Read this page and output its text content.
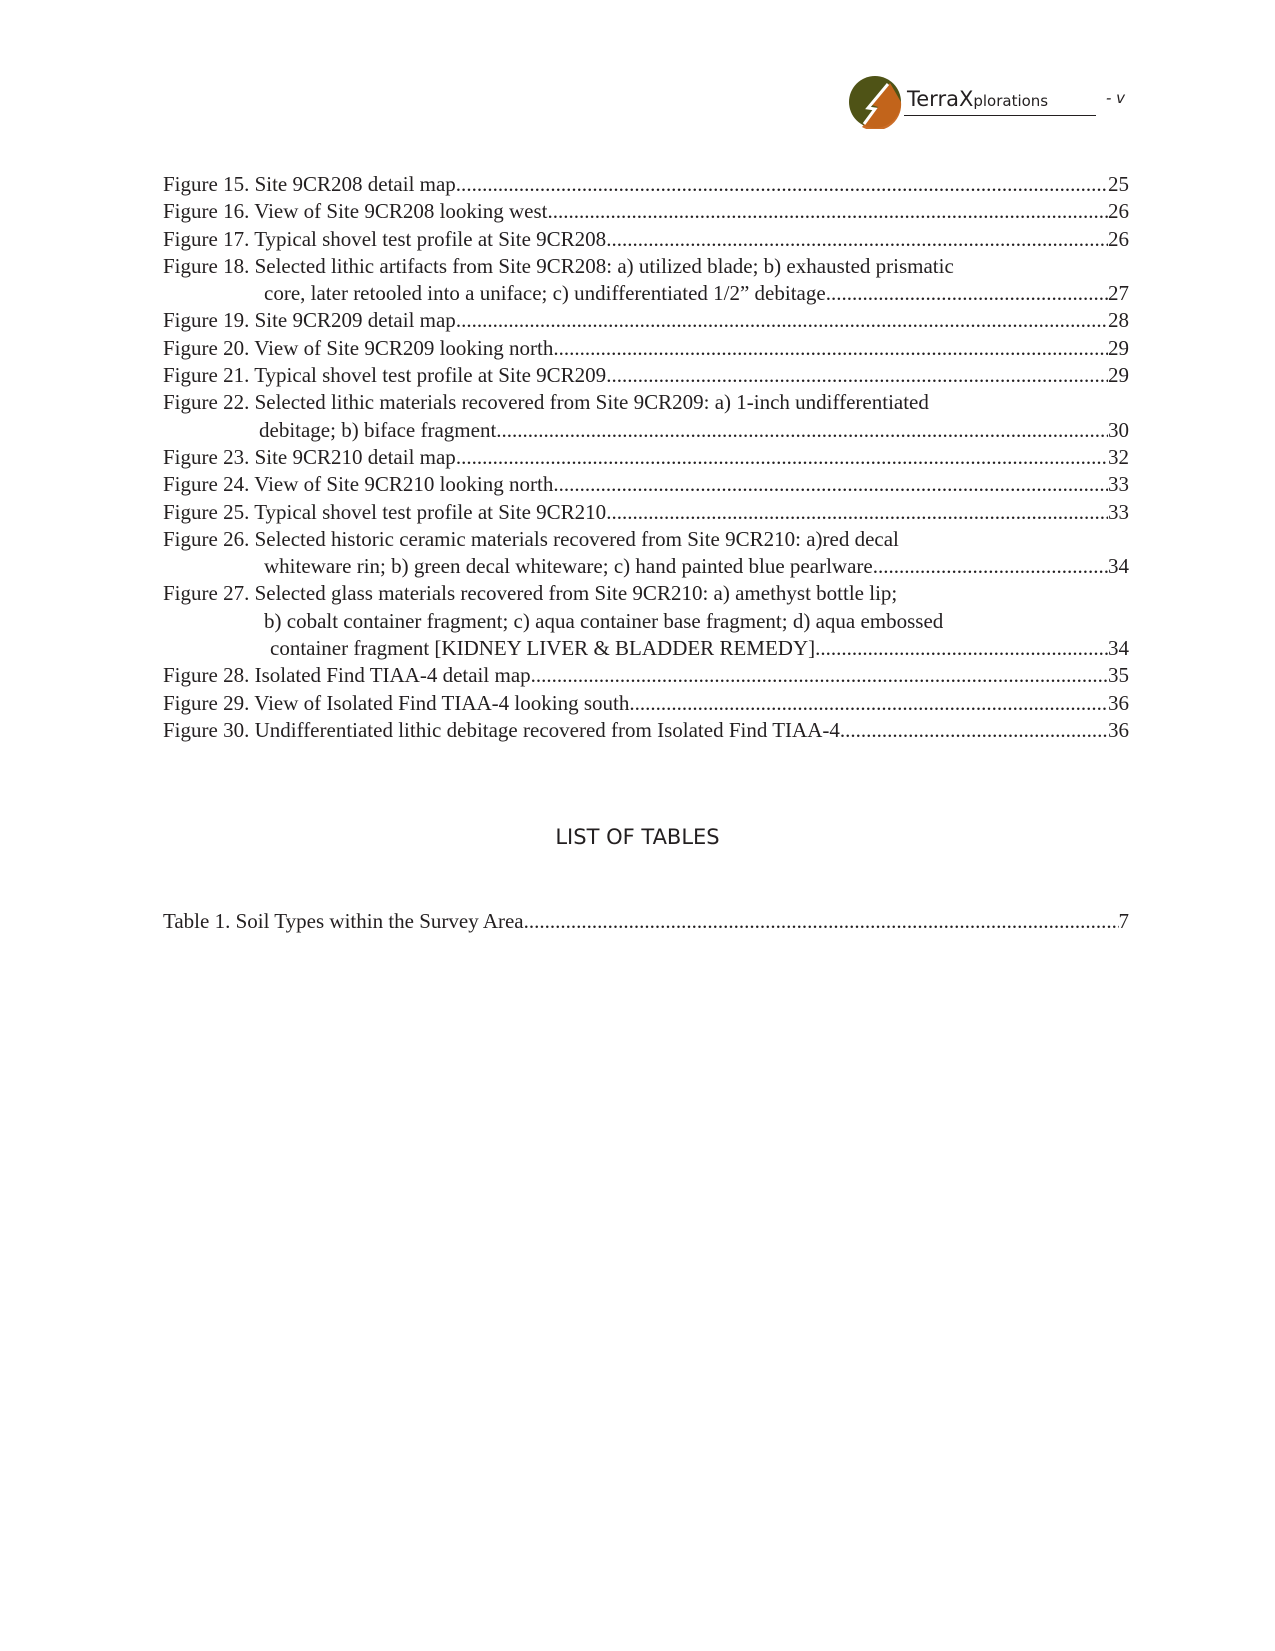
TerraXplorations	- v
Figure 15. Site 9CR208 detail map.. .....	25
Figure 16. View of Site 9CR208 looking west .....	26
Figure 17. Typical shovel test profile at Site 9CR208 .....	26
Figure 18. Selected lithic artifacts from Site 9CR208: a) utilized blade; b) exhausted prismatic
core, later retooled into a uniface; c) undifferentiated 1/2” debitage .....	27
Figure 19. Site 9CR209 detail map .....	28
Figure 20. View of Site 9CR209 looking north .....	29
Figure 21. Typical shovel test profile at Site 9CR209 .....	29
Figure 22. Selected lithic materials recovered from Site 9CR209: a) 1-inch undifferentiated
debitage; b) biface fragment.. .....	30
Figure 23. Site 9CR210 detail map .....	32
Figure 24. View of Site 9CR210 looking north .....	33
Figure 25. Typical shovel test profile at Site 9CR210 .....	33
Figure 26. Selected historic ceramic materials recovered from Site 9CR210: a)red decal
whiteware rin; b) green decal whiteware; c) hand painted blue pearlware .....	34
Figure 27. Selected glass materials recovered from Site 9CR210: a) amethyst bottle lip;
b) cobalt container fragment; c) aqua container base fragment; d) aqua embossed
container fragment [KIDNEY LIVER & BLADDER REMEDY] .....	34
Figure 28. Isolated Find TIAA-4 detail map .....	35
Figure 29. View of Isolated Find TIAA-4 looking south .....	36
Figure 30. Undifferentiated lithic debitage recovered from Isolated Find TIAA-4 .....	36
LIST OF TABLES
Table 1. Soil Types within the Survey Area .....	7
